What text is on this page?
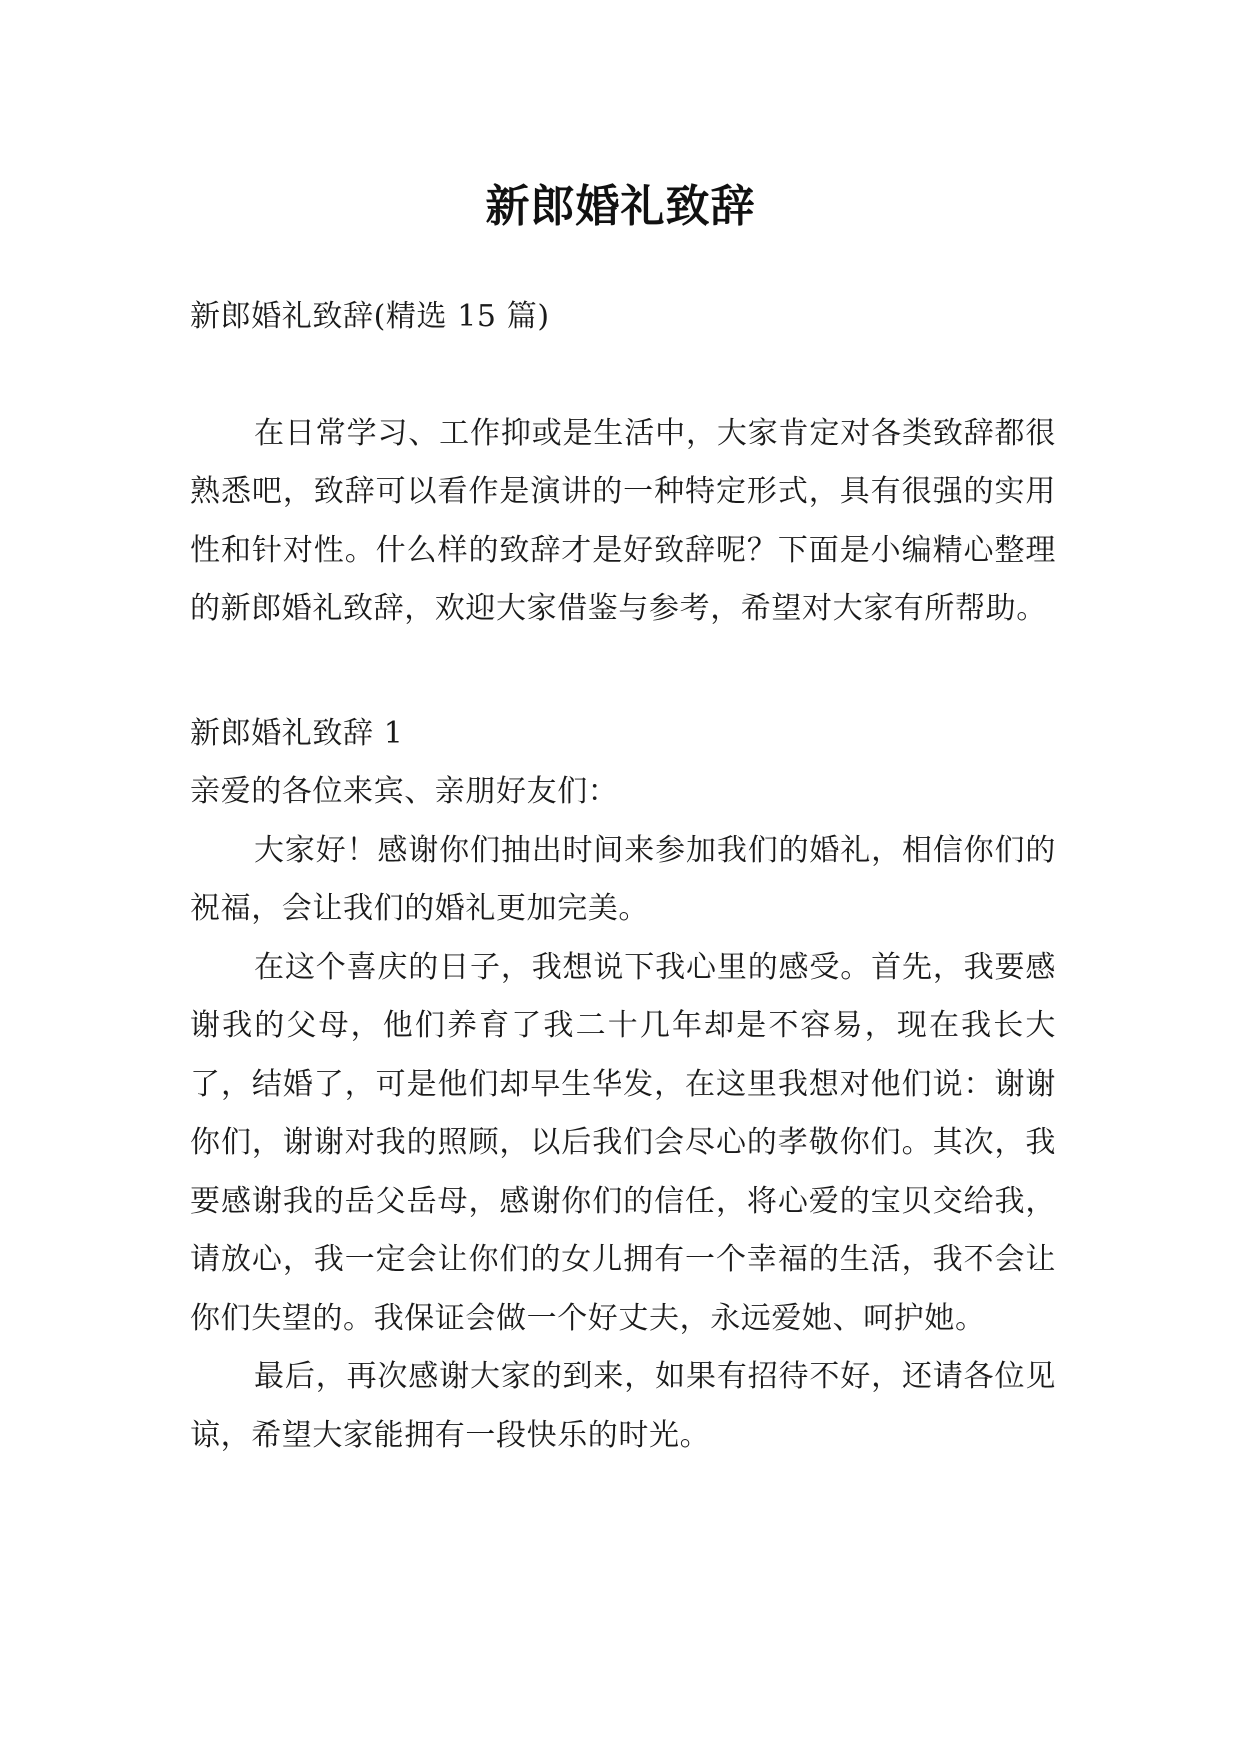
新郎婚礼致辞

新郎婚礼致辞(精选 15 篇)

在日常学习、工作抑或是生活中，大家肯定对各类致辞都很熟悉吧，致辞可以看作是演讲的一种特定形式，具有很强的实用性和针对性。什么样的致辞才是好致辞呢？下面是小编精心整理的新郎婚礼致辞，欢迎大家借鉴与参考，希望对大家有所帮助。

新郎婚礼致辞 1

亲爱的各位来宾、亲朋好友们：

大家好！感谢你们抽出时间来参加我们的婚礼，相信你们的祝福，会让我们的婚礼更加完美。

在这个喜庆的日子，我想说下我心里的感受。首先，我要感谢我的父母，他们养育了我二十几年却是不容易，现在我长大了，结婚了，可是他们却早生华发，在这里我想对他们说：谢谢你们，谢谢对我的照顾，以后我们会尽心的孝敬你们。其次，我要感谢我的岳父岳母，感谢你们的信任，将心爱的宝贝交给我，请放心，我一定会让你们的女儿拥有一个幸福的生活，我不会让你们失望的。我保证会做一个好丈夫，永远爱她、呵护她。

最后，再次感谢大家的到来，如果有招待不好，还请各位见谅，希望大家能拥有一段快乐的时光。
